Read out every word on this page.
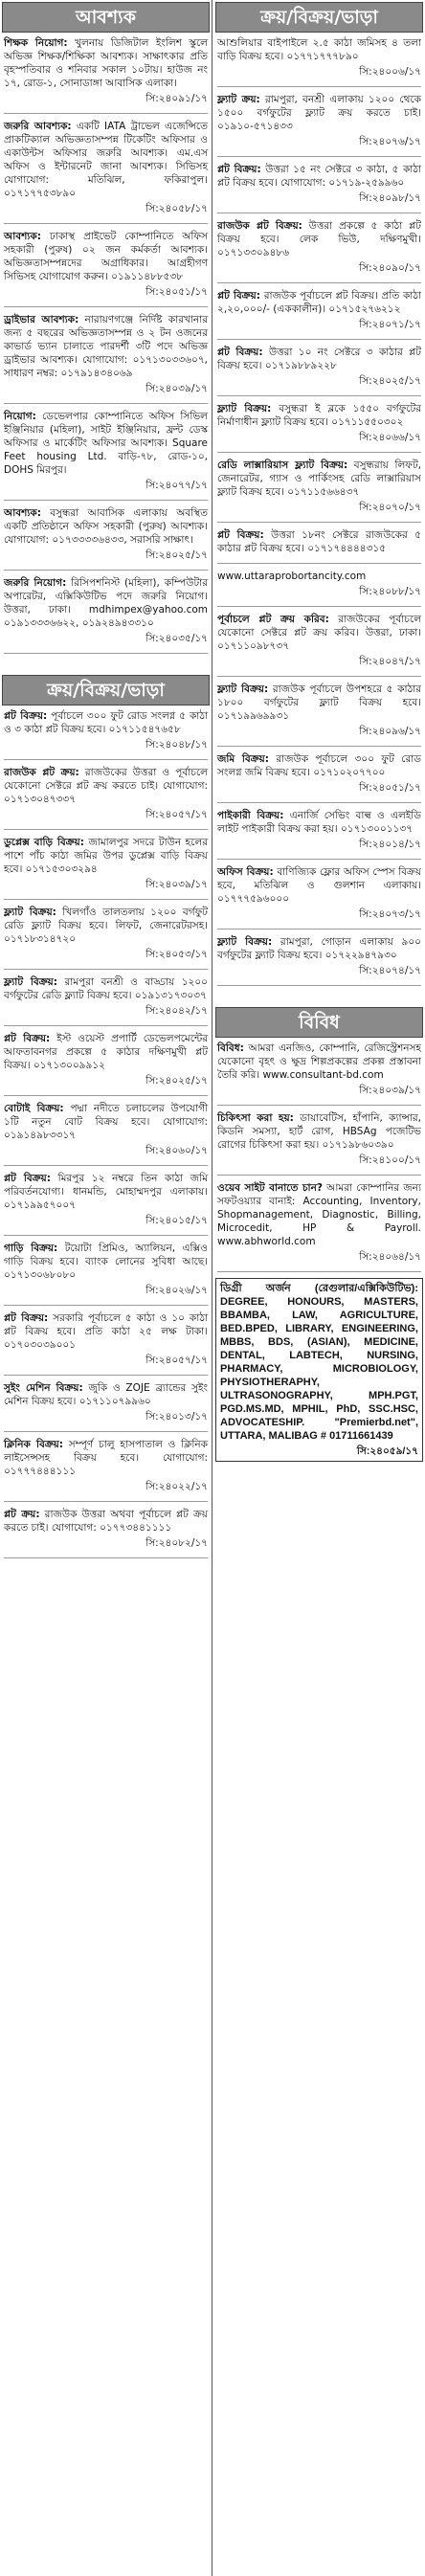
আবশ্যক

শিক্ষক নিয়োগ: খুলনায় ডিজিটাল ইংলিশ স্কুলে অভিজ্ঞ শিক্ষক/শিক্ষিকা আবশ্যক। সাক্ষাৎকার প্রতি বৃহস্পতিবার ও শনিবার সকাল ১০টায়। হাউজ নং ১৭, রোড-১, সোনাডাঙ্গা আবাসিক এলাকা।

সি:২৪০৯১/১৭

জরুরি আবশ্যক: একটি IATA ট্রাভেল এজেন্সিতে প্রাকটিক্যাল অভিজ্ঞতাসম্পন্ন টিকেটিং অফিসার ও একাউন্টস অফিসার জরুরি আবশ্যক। এম.এস অফিস ও ইন্টারনেট জানা আবশ্যক। সিভিসহ যোগাযোগ: মতিঝিল, ফকিরাপুল। ০১৭১৭৭৫৩৮৯০

সি:২৪০৫৮/১৭

আবশ্যক: ঢাকাস্থ প্রাইভেট কোম্পানিতে অফিস সহকারী (পুরুষ) ০২ জন কর্মকর্তা আবশ্যক। অভিজ্ঞতাসম্পন্নদের অগ্রাধিকার। আগ্রহীগণ সিভিসহ যোগাযোগ করুন। ০১৯১১৪৮৮৫৩৮

সি:২৪০৫১/১৭

ড্রাইভার আবশ্যক: নারায়ণগঞ্জে নির্দিষ্ট কারখানার জন্য ৫ বছরের অভিজ্ঞতাসম্পন্ন ও ২ টন ওজনের কাভার্ড ভ্যান চালাতে পারদর্শী ৩টি পদে অভিজ্ঞ ড্রাইভার আবশ্যক। যোগাযোগ: ০১৭১৩০৩৩৬০৭, সাধারণ নম্বর: ০১৭৯১৪৩৪০৬৯

সি:২৪০৩৯/১৭

নিয়োগ: ডেভেলপার কোম্পানিতে অফিস সিভিল ইঞ্জিনিয়ার (মহিলা), সাইট ইঞ্জিনিয়ার, ফ্রন্ট ডেস্ক অফিসার ও মার্কেটিং অফিসার আবশ্যক। Square Feet housing Ltd. বাড়ি-৭৮, রোড-১০, DOHS মিরপুর।

সি:২৪০৭৭/১৭

আবশ্যক: বসুন্ধরা আবাসিক এলাকায় অবস্থিত একটি প্রতিষ্ঠানে অফিস সহকারী (পুরুষ) আবশ্যক। যোগাযোগ: ০১৭৩৩৩৩৬৪৩৩, সরাসরি সাক্ষাৎ।

সি:২৪০২৫/১৭

জরুরি নিয়োগ: রিসিপশনিস্ট (মহিলা), কম্পিউটার অপারেটর, এক্সিকিউটিভ পদে জরুরি নিয়োগ। উত্তরা, ঢাকা। mdhimpex@yahoo.com ০১৯১৩৩৩৬৬২২, ০১৯২৪৯৪৩৩১০

সি:২৪০৩৫/১৭
ক্রয়/বিক্রয়/ভাড়া

প্লট বিক্রয়: পূর্বাচলে ৩০০ ফুট রোড সংলগ্ন ৫ কাঠা ও ৩ কাঠা প্লট বিক্রয় হবে। ০১৭১১৫৪৭৬৫৮

সি:২৪০৪৮/১৭

রাজউক প্লট ক্রয়: রাজউকের উত্তরা ও পূর্বাচলে যেকোনো সেক্টরে প্লট ক্রয় করতে চাই। যোগাযোগ: ০১৭১৩০৪৭৩৩৭

সি:২৪০৫৭/১৭

ডুপ্লেক্স বাড়ি বিক্রয়: জামালপুর সদরে টাউন হলের পাশে পাঁচ কাঠা জমির উপর ডুপ্লেক্স বাড়ি বিক্রয় হবে। ০১৭১৫৩০৩২৯৪

সি:২৪০৩৯/১৭

ফ্ল্যাট বিক্রয়: খিলগাঁও তালতলায় ১২০০ বর্গফুট রেডি ফ্ল্যাট বিক্রয় হবে। লিফট, জেনারেটরসহ। ০১৭১৮৩১৪৭২০

সি:২৪০৫৩/১৭

ফ্ল্যাট বিক্রয়: রামপুরা বনশ্রী ও বাড্ডায় ১২০০ বর্গফুটের রেডি ফ্ল্যাট বিক্রয় হবে। ০১৯১৩১৭৩০৩৭

সি:২৪০৪২/১৭

প্লট বিক্রয়: ইস্ট ওয়েস্ট প্রপার্টি ডেভেলপমেন্টের আফতাবনগর প্রকল্পে ৫ কাঠার দক্ষিণমুখী প্লট বিক্রয়। ০১৭১৩০০৯৯১২

সি:২৪০২৫/১৭

বোটাই বিক্রয়: পদ্মা নদীতে চলাচলের উপযোগী ১টি নতুন বোট বিক্রয় হবে। যোগাযোগ: ০১৯১৪৯৮৩৩১৭

সি:২৪০৬০/১৭

প্লট বিক্রয়: মিরপুর ১২ নম্বরে তিন কাঠা জমি পরিবর্তনযোগ্য। ধানমন্ডি, মোহাম্মদপুর এলাকায়। ০১৭১৯৯৫৭০০৭

সি:২৪০১৫/১৭

গাড়ি বিক্রয়: টয়োটা প্রিমিও, অ্যালিয়ন, এক্সিও গাড়ি বিক্রয় হবে। ব্যাংক লোনের সুবিধা আছে। ০১৭১৩০৬৮০৮০

সি:২৪০২৬/১৭

প্লট বিক্রয়: সরকারি পূর্বাচলে ৫ কাঠা ও ১০ কাঠা প্লট বিক্রয় হবে। প্রতি কাঠা ২৫ লক্ষ টাকা। ০১৭০৩০৩৯০০১

সি:২৪০৫৭/১৭

সুইং মেশিন বিক্রয়: জুকি ও ZOJE ব্র্যান্ডের সুইং মেশিন বিক্রয় হবে। ০১৭১১০৭৯৯৬০

সি:২৪০১৩/১৭

ক্লিনিক বিক্রয়: সম্পূর্ণ চালু হাসপাতাল ও ক্লিনিক লাইসেন্সসহ বিক্রয় হবে। যোগাযোগ: ০১৭৭৭৪৪৪১১১

সি:২৪০২২/১৭

প্লট ক্রয়: রাজউক উত্তরা অথবা পূর্বাচলে প্লট ক্রয় করতে চাই। যোগাযোগ: ০১৭৭৩৪৪১১১১

সি:২৪০৮২/১৭
ক্রয়/বিক্রয়/ভাড়া

আশুলিয়ার বাইপাইলে ২.৫ কাঠা জমিসহ ৪ তলা বাড়ি বিক্রয় হবে। ০১৭৭১৭৭৭৮৯০

সি:২৪০০৬/১৭

ফ্ল্যাট ক্রয়: রামপুরা, বনশ্রী এলাকায় ১২০০ থেকে ১৫০০ বর্গফুটের ফ্ল্যাট ক্রয় করতে চাই। ০১৯১০-৫৭১৪৩৩

সি:২৪০৭৬/১৭

প্লট বিক্রয়: উত্তরা ১৫ নং সেক্টরে ৩ কাঠা, ৫ কাঠা প্লট বিক্রয় হবে। যোগাযোগ: ০১৭১৯-২৫৯৯৬০

সি:২৪০৯৮/১৭

রাজউক প্লট বিক্রয়: উত্তরা প্রকল্পে ৫ কাঠা প্লট বিক্রয় হবে। লেক ভিউ, দক্ষিণমুখী। ০১৭১৩৩০৯৪৮৬

সি:২৪০৯০/১৭

প্লট বিক্রয়: রাজউক পূর্বাচলে প্লট বিক্রয়। প্রতি কাঠা ২,২০,০০০/- (এককালীন)। ০১৭১৫২৭৬২১২

সি:২৪০৭১/১৭

প্লট বিক্রয়: উত্তরা ১০ নং সেক্টরে ৩ কাঠার প্লট বিক্রয় হবে। ০১৭১৯৮৮৯২২৮

সি:২৪০২৫/১৭

ফ্ল্যাট বিক্রয়: বসুন্ধরা ই ব্লকে ১৫৫০ বর্গফুটের নির্মাণাধীন ফ্ল্যাট বিক্রয় হবে। ০১৭১১৫৫০৩০২

সি:২৪০৬৬/১৭

রেডি লাক্সারিয়াস ফ্ল্যাট বিক্রয়: বসুন্ধরায় লিফট, জেনারেটর, গ্যাস ও পার্কিংসহ রেডি লাক্সারিয়াস ফ্ল্যাট বিক্রয় হবে। ০১৭১১৫৬৬৪৩৭

সি:২৪০৭০/১৭

প্লট বিক্রয়: উত্তরা ১৮নং সেক্টরে রাজউকের ৫ কাঠার প্লট বিক্রয় হবে। ০১৭১৭৪৪৪৪৩১৫

www.uttaraprobortancity.com

সি:২৪০৮৮/১৭

পূর্বাচলে প্লট ক্রয় করিব: রাজউকের পূর্বাচলে যেকোনো সেক্টরে প্লট ক্রয় করিব। উত্তরা, ঢাকা। ০১৭১১০৯৮৭৩৭

সি:২৪০৪৭/১৭

ফ্ল্যাট বিক্রয়: রাজউক পূর্বাচলে উপশহরে ৫ কাঠার ১৮০০ বর্গফুটের ফ্ল্যাট বিক্রয় হবে। ০১৭১৯৯৬৯৯৩১

সি:২৪০৯৬/১৭

জমি বিক্রয়: রাজউক পূর্বাচলে ৩০০ ফুট রোড সংলগ্ন জমি বিক্রয় হবে। ০১৭১০২০৭৭০০

সি:২৪০৫১/১৭

পাইকারী বিক্রয়: এনার্জি সেভিং বাল্ব ও এলইডি লাইট পাইকারী বিক্রয় করা হয়। ০১৭১৩০০১১৩৭

সি:২৪০১৪/১৭

অফিস বিক্রয়: বাণিজ্যিক ফ্লোর অফিস স্পেস বিক্রয় হবে, মতিঝিল ও গুলশান এলাকায়। ০১৭৭৭৫৯৬০০০

সি:২৪০৭৩/১৭

ফ্ল্যাট বিক্রয়: রামপুরা, গোড়ান এলাকায় ৯০০ বর্গফুটের ফ্ল্যাট বিক্রয় হবে। ০১৭২২৯৪৭৯৩০

সি:২৪০৭৪/১৭
বিবিধ

বিবিধ: আমরা এনজিও, কোম্পানি, রেজিস্ট্রেশনসহ যেকোনো বৃহৎ ও ক্ষুদ্র শিল্পপ্রকল্পের প্রকল্প প্রস্তাবনা তৈরি করি। www.consultant-bd.com

সি:২৪০৩৯/১৭

চিকিৎসা করা হয়: ডায়াবেটিস, হাঁপানি, ক্যান্সার, কিডনি সমস্যা, হার্ট রোগ, HBSAg পজেটিভ রোগের চিকিৎসা করা হয়। ০১৭১৯৮৬০৩৯০

সি:২৪১০০/১৭

ওয়েব সাইট বানাতে চান? আমরা কোম্পানির জন্য সফটওয়্যার বানাই: Accounting, Inventory, Shopmanagement, Diagnostic, Billing, Microcedit, HP & Payroll. www.abhworld.com

সি:২৪০৬৪/১৭

ডিগ্রী অর্জন (রেগুলার/এক্সিকিউটিভ): DEGREE, HONOURS, MASTERS, BBAMBA, LAW, AGRICULTURE, BED.BPED, LIBRARY, ENGINEERING, MBBS, BDS, (ASIAN), MEDICINE, DENTAL, LABTECH, NURSING, PHARMACY, MICROBIOLOGY, PHYSIOTHERAPHY, ULTRASONOGRAPHY, MPH.PGT, PGD.MS.MD, MPHIL, PhD, SSC.HSC, ADVOCATESHIP. "Premierbd.net", UTTARA, MALIBAG # 01711661439

সি:২৪০৫৯/১৭
